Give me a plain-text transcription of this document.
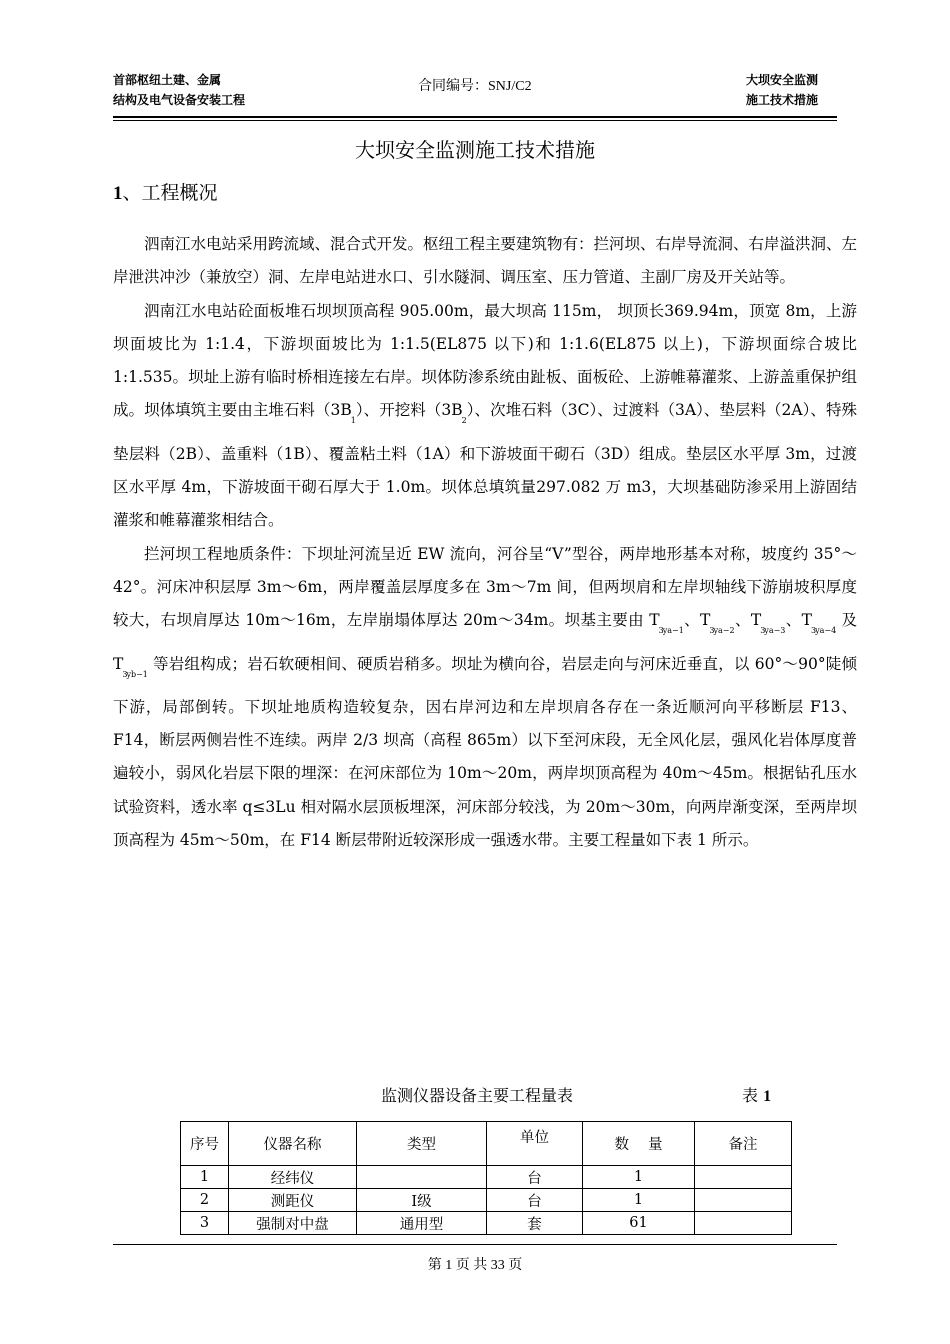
首部枢纽土建、金属
结构及电气设备安装工程
合同编号：SNJ/C2	大坝安全监测
施工技术措施
大坝安全监测施工技术措施
1、工程概况

泗南江水电站采用跨流域、混合式开发。枢纽工程主要建筑物有：拦河坝、右岸导流洞、右岸溢洪洞、左岸泄洪冲沙（兼放空）洞、左岸电站进水口、引水隧洞、调压室、压力管道、主副厂房及开关站等。

泗南江水电站砼面板堆石坝坝顶高程 905.00m，最大坝高 115m， 坝顶长369.94m，顶宽 8m，上游坝面坡比为 1:1.4，下游坝面坡比为 1:1.5(EL875 以下)和 1:1.6(EL875 以上)，下游坝面综合坡比 1:1.535。坝址上游有临时桥相连接左右岸。坝体防渗系统由趾板、面板砼、上游帷幕灌浆、上游盖重保护组成。坝体填筑主要由主堆石料$(3B_1)$、开挖料$(3B_2)$、次堆石料（3C）、过渡料（3A）、垫层料（2A）、特殊垫层料（2B）、盖重料（1B）、覆盖粘土料（1A）和下游坡面干砌石（3D）组成。垫层区水平厚 3m，过渡区水平厚 4m，下游坡面干砌石厚大于 1.0m。坝体总填筑量297.082 万 m3，大坝基础防渗采用上游固结灌浆和帷幕灌浆相结合。

拦河坝工程地质条件：下坝址河流呈近 EW 流向，河谷呈“V”型谷，两岸地形基本对称，坡度约 35°～42°。河床冲积层厚 3m～6m，两岸覆盖层厚度多在 3m～7m 间，但两坝肩和左岸坝轴线下游崩坡积厚度较大，右坝肩厚达 10m～16m，左岸崩塌体厚达 20m～34m。坝基主要由 $T_{3ya-1}$、$T_{3ya-2}$、$T_{3ya-3}$、$T_{3ya-4}$ 及 $T_{3yb-1}$ 等岩组构成；岩石软硬相间、硬质岩稍多。坝址为横向谷，岩层走向与河床近垂直，以 60°～90°陡倾下游，局部倒转。下坝址地质构造较复杂，因右岸河边和左岸坝肩各存在一条近顺河向平移断层 F13、F14，断层两侧岩性不连续。两岸 2/3 坝高（高程 865m）以下至河床段，无全风化层，强风化岩体厚度普遍较小，弱风化岩层下限的埋深：在河床部位为 10m～20m，两岸坝顶高程为 40m～45m。根据钻孔压水试验资料，透水率 q≤3Lu 相对隔水层顶板埋深，河床部分较浅，为 20m～30m，向两岸渐变深，至两岸坝顶高程为 45m～50m，在 F14 断层带附近较深形成一强透水带。主要工程量如下表 1 所示。

监测仪器设备主要工程量表	表 1
序号	仪器名称	类型	单位	数　 量	备注
1	经纬仪		台	1	
2	测距仪	Ⅰ级	台	1	
3	强制对中盘	通用型	套	61	
第 1 页 共 33 页
